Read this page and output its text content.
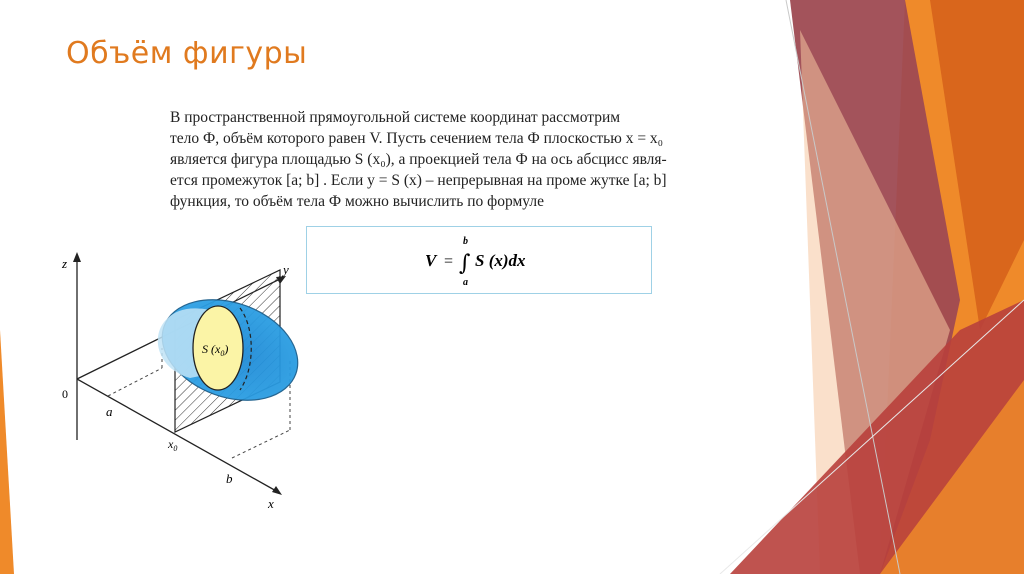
Объём фигуры
В пространственной прямоугольной системе координат рассмотрим
тело Ф, объём которого равен V. Пусть сечением тела Ф плоскостью x = x₀
является фигура площадью S (x₀), а проекцией тела Ф на ось абсцисс явля-
ется промежуток [a; b] . Если y = S (x) – непрерывная на проме жутке [a; b]
функция, то объём тела Ф можно вычислить по формуле
V = ∫
b
a
S (x)dx
z	y
x
0
S $(x_0)$
a
$x_0$
b
